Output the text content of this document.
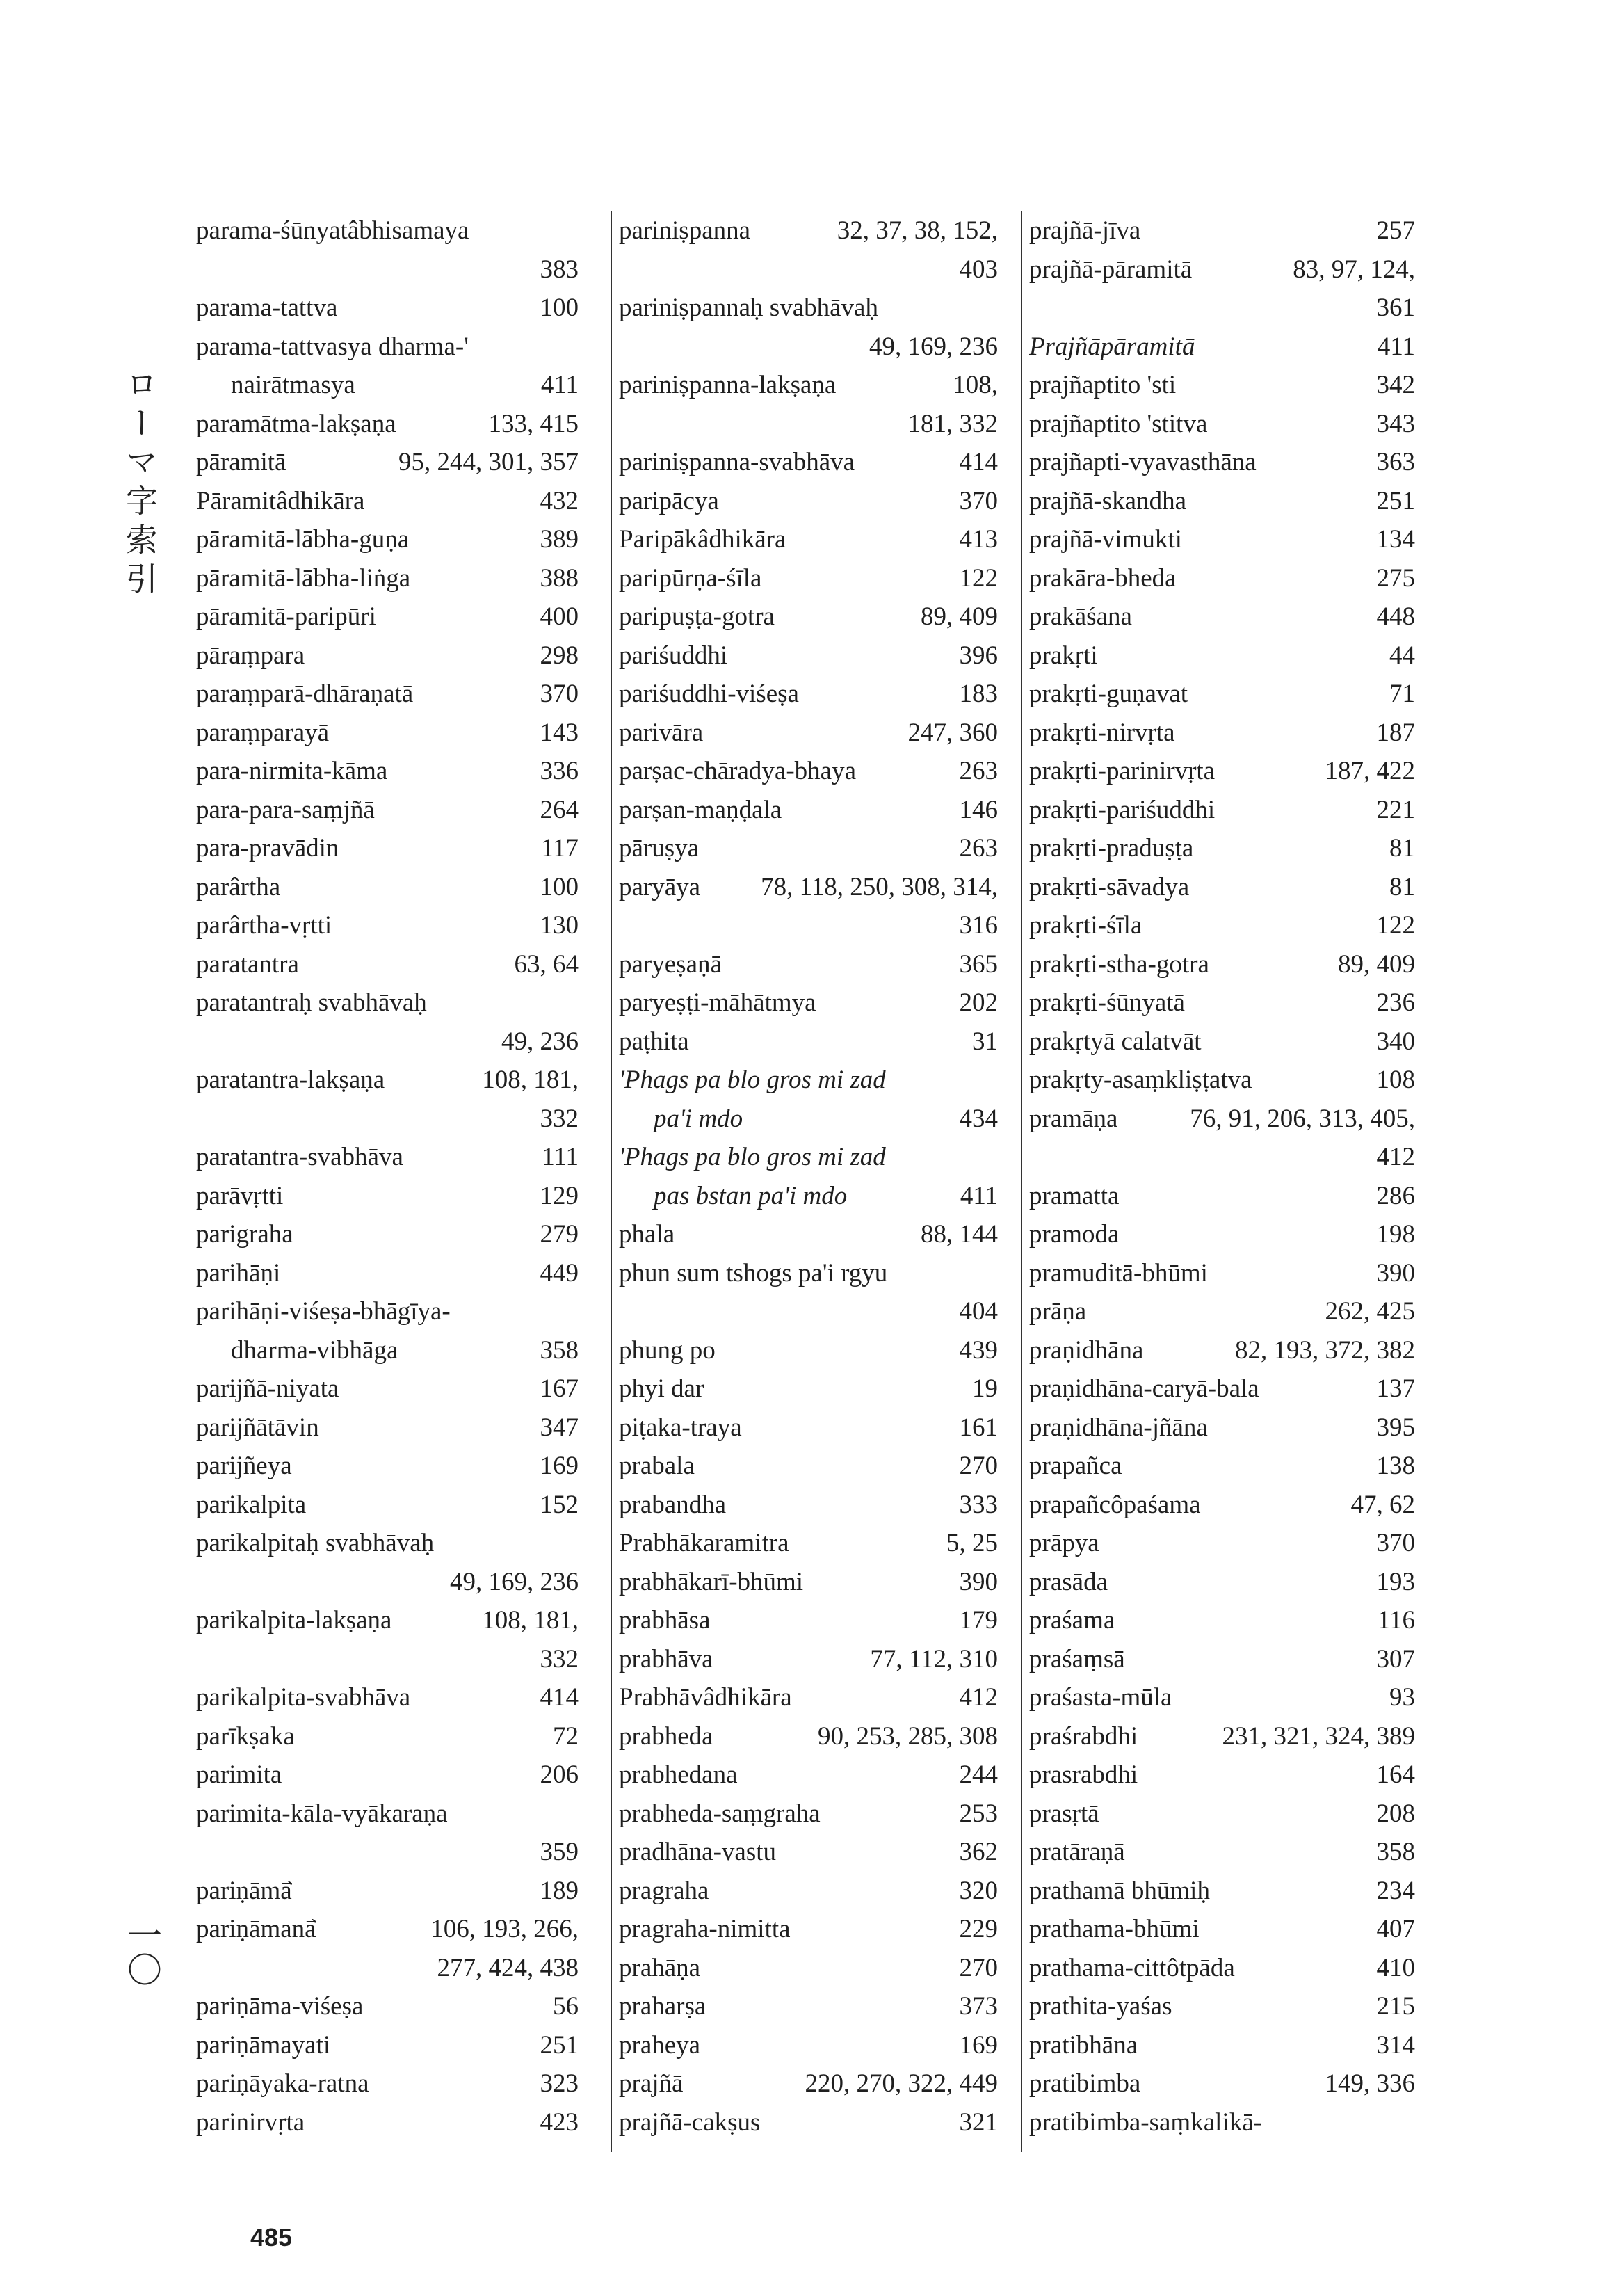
ローマ字索引
一〇
parama-śūnyatâbhisamaya
383
parama-tattva	100
parama-tattvasya dharma-'
nairātmasya	411
paramātma-lakṣaṇa	133, 415
pāramitā	95, 244, 301, 357
Pāramitâdhikāra	432
pāramitā-lābha-guṇa	389
pāramitā-lābha-liṅga	388
pāramitā-paripūri	400
pāraṃpara	298
paraṃparā-dhāraṇatā	370
paraṃparayā	143
para-nirmita-kāma	336
para-para-saṃjñā	264
para-pravādin	117
parârtha	100
parârtha-vṛtti	130
paratantra	63, 64
paratantraḥ svabhāvaḥ
49, 236
paratantra-lakṣaṇa	108, 181,
332
paratantra-svabhāva	111
parāvṛtti	129
parigraha	279
parihāṇi	449
parihāṇi-viśeṣa-bhāgīya-
dharma-vibhāga	358
parijñā-niyata	167
parijñātāvin	347
parijñeya	169
parikalpita	152
parikalpitaḥ svabhāvaḥ
49, 169, 236
parikalpita-lakṣaṇa	108, 181,
332
parikalpita-svabhāva	414
parīkṣaka	72
parimita	206
parimita-kāla-vyākaraṇa
359
pariṇāmā̌	189
pariṇāmanā̌	106, 193, 266,
277, 424, 438
pariṇāma-viśeṣa	56
pariṇāmayati	251
pariṇāyaka-ratna	323
parinirvṛta	423
pariniṣpanna	32, 37, 38, 152,
403
pariniṣpannaḥ svabhāvaḥ
49, 169, 236
pariniṣpanna-lakṣaṇa	108,
181, 332
pariniṣpanna-svabhāva	414
paripācya	370
Paripākâdhikāra	413
paripūrṇa-śīla	122
paripuṣṭa-gotra	89, 409
pariśuddhi	396
pariśuddhi-viśeṣa	183
parivāra	247, 360
parṣac-chāradya-bhaya	263
parṣan-maṇḍala	146
pāruṣya	263
paryāya 78, 118, 250, 308, 314,
316
paryeṣaṇā	365
paryeṣṭi-māhātmya	202
paṭhita	31
'Phags pa blo gros mi zad
pa'i mdo	434
'Phags pa blo gros mi zad
pas bstan pa'i mdo	411
phala	88, 144
phun sum tshogs pa'i rgyu
404
phung po	439
phyi dar	19
piṭaka-traya	161
prabala	270
prabandha	333
Prabhākaramitra	5, 25
prabhākarī-bhūmi	390
prabhāsa	179
prabhāva	77, 112, 310
Prabhāvâdhikāra	412
prabheda	90, 253, 285, 308
prabhedana	244
prabheda-saṃgraha	253
pradhāna-vastu	362
pragraha	320
pragraha-nimitta	229
prahāṇa	270
praharṣa	373
praheya	169
prajñā	220, 270, 322, 449
prajñā-cakṣus	321
prajñā-jīva	257
prajñā-pāramitā	83, 97, 124,
361
Prajñāpāramitā	411
prajñaptito 'sti	342
prajñaptito 'stitva	343
prajñapti-vyavasthāna	363
prajñā-skandha	251
prajñā-vimukti	134
prakāra-bheda	275
prakāśana	448
prakṛti	44
prakṛti-guṇavat	71
prakṛti-nirvṛta	187
prakṛti-parinirvṛta	187, 422
prakṛti-pariśuddhi	221
prakṛti-praduṣṭa	81
prakṛti-sāvadya	81
prakṛti-śīla	122
prakṛti-stha-gotra	89, 409
prakṛti-śūnyatā	236
prakṛtyā calatvāt	340
prakṛty-asaṃkliṣṭatva	108
pramāṇa	76, 91, 206, 313, 405,
412
pramatta	286
pramoda	198
pramuditā-bhūmi	390
prāṇa	262, 425
praṇidhāna	82, 193, 372, 382
praṇidhāna-caryā-bala	137
praṇidhāna-jñāna	395
prapañca	138
prapañcôpaśama	47, 62
prāpya	370
prasāda	193
praśama	116
praśaṃsā	307
praśasta-mūla	93
praśrabdhi	231, 321, 324, 389
prasrabdhi	164
prasṛtā	208
pratāraṇā	358
prathamā bhūmiḥ	234
prathama-bhūmi	407
prathama-cittôtpāda	410
prathita-yaśas	215
pratibhāna	314
pratibimba	149, 336
pratibimba-saṃkalikā-
485
